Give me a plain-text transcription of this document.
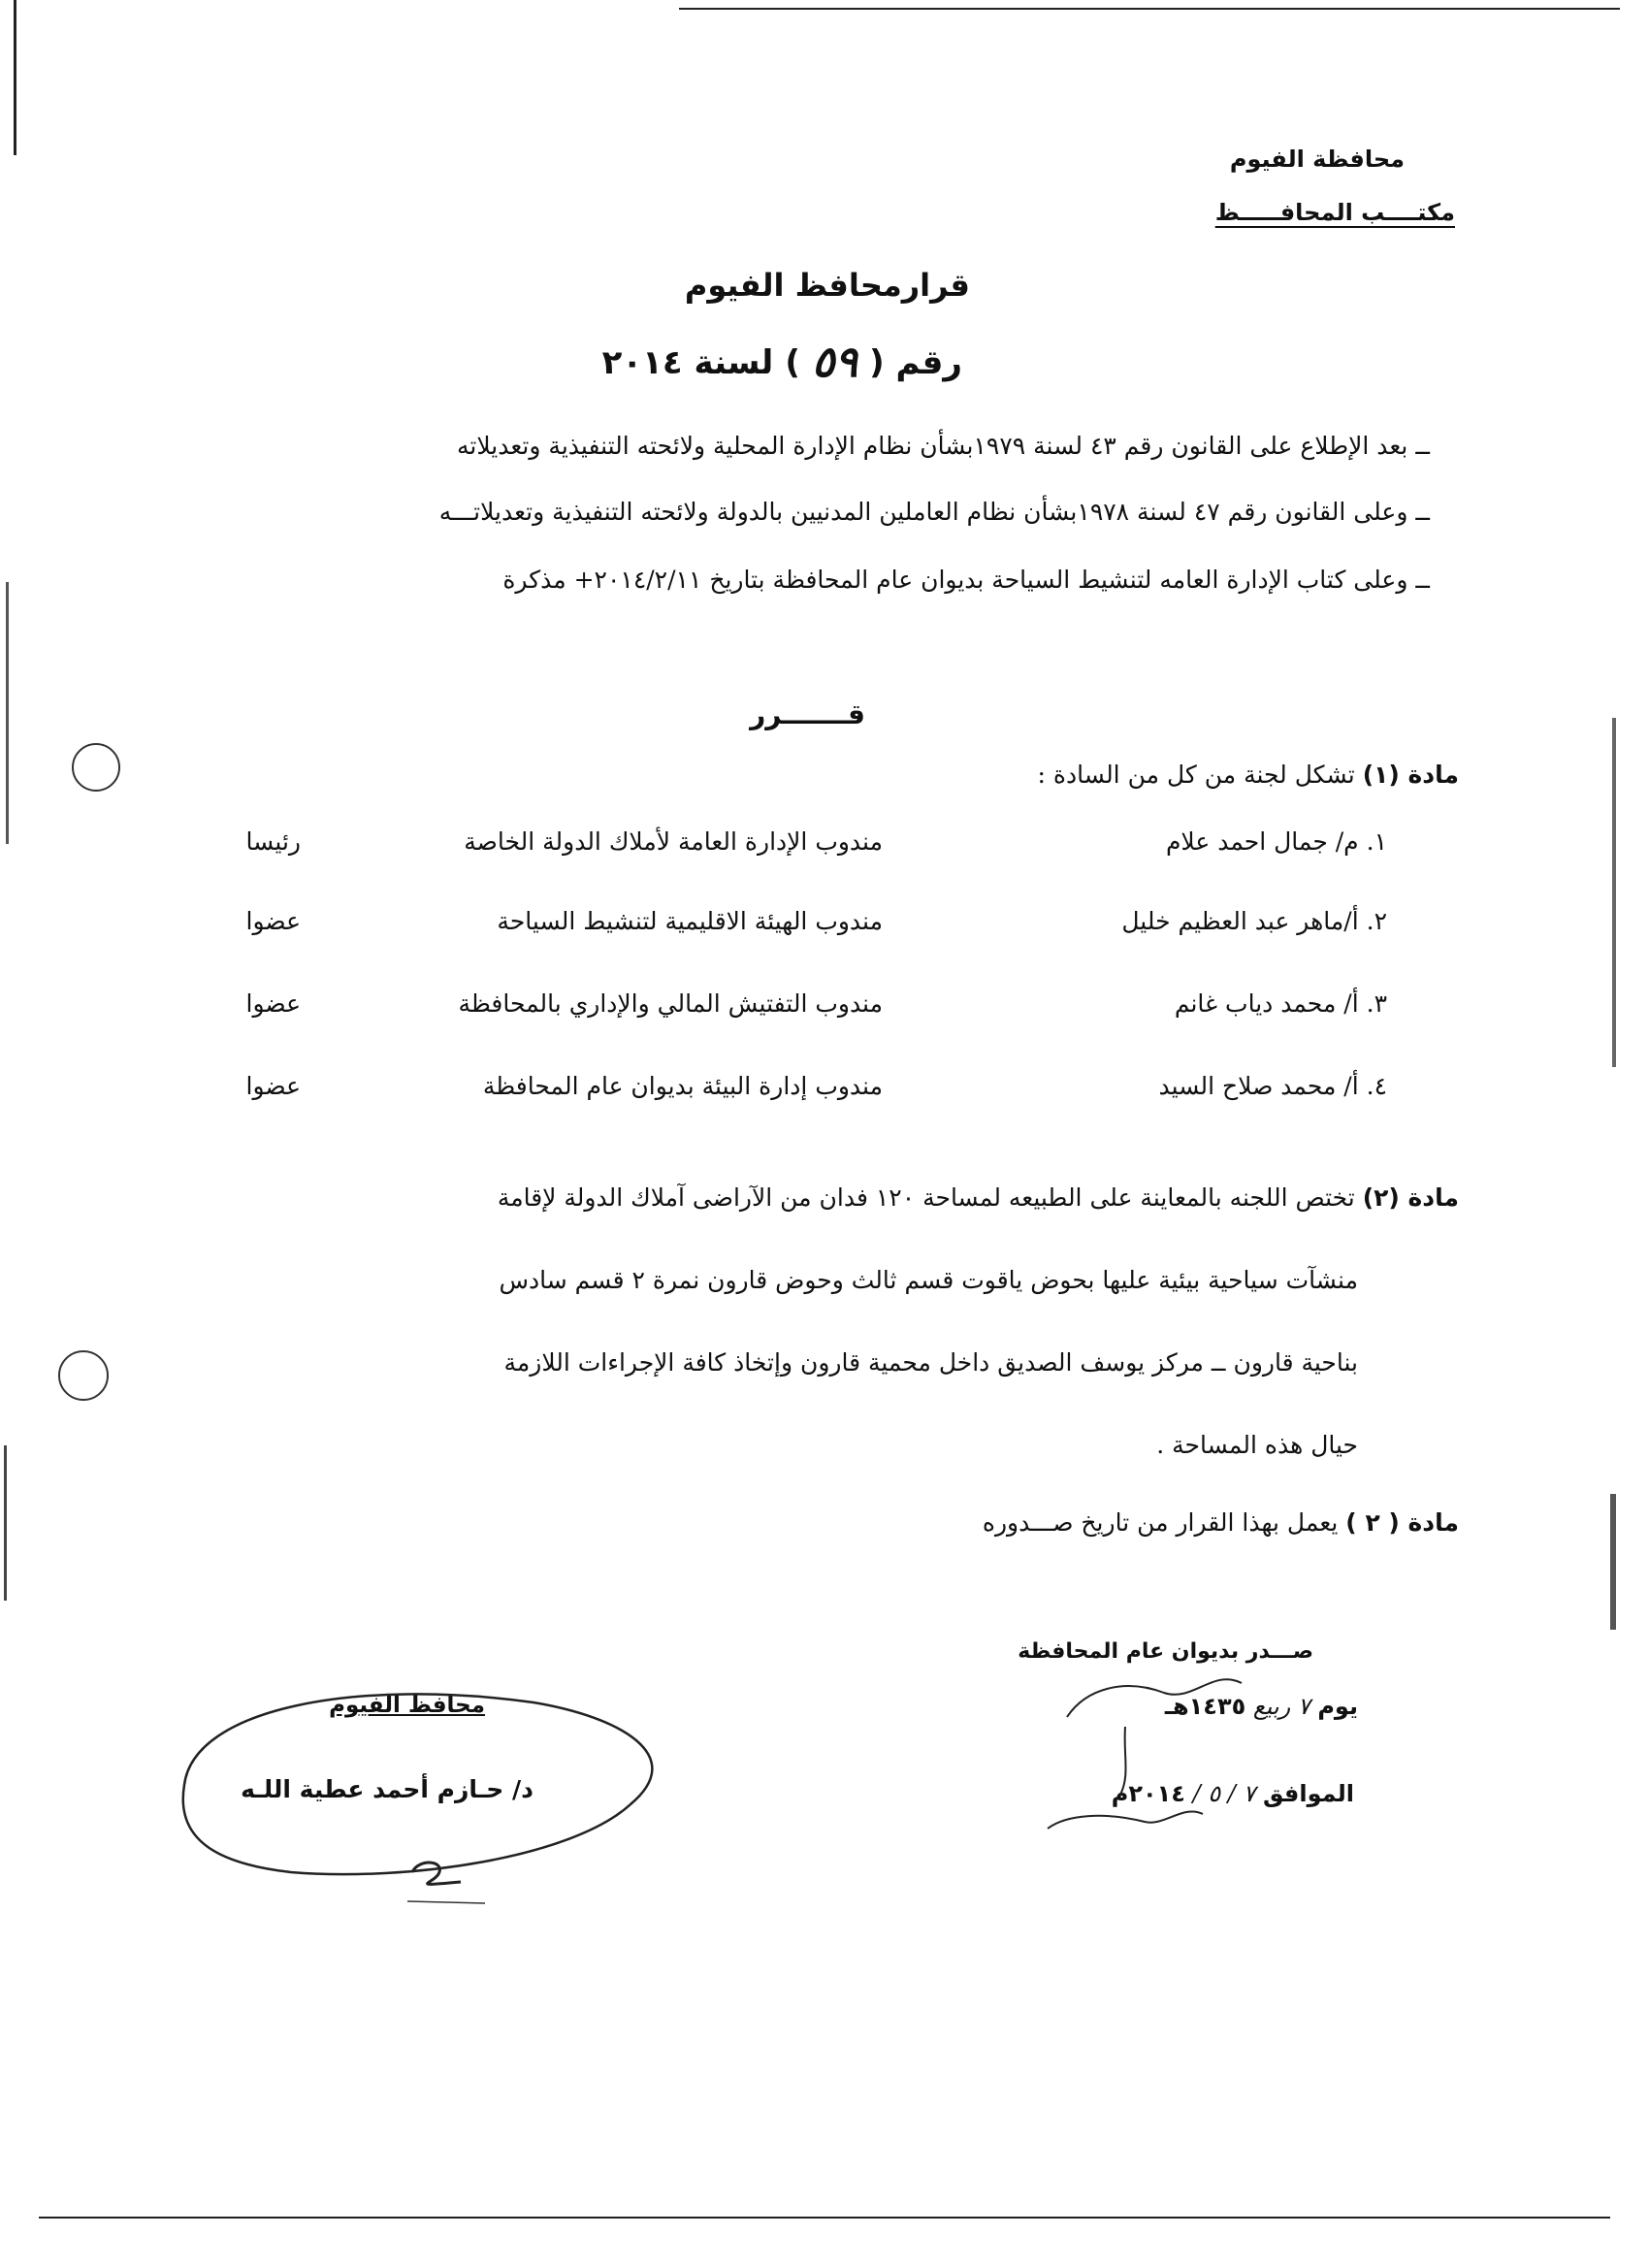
محافظة الفيوم
مكتــــب المحافـــــظ
قرارمحافظ الفيوم
رقم (
٥٩
)
لسنة ٢٠١٤
ــ بعد الإطلاع على القانون رقم ٤٣ لسنة ١٩٧٩بشأن نظام الإدارة المحلية ولائحته التنفيذية وتعديلاته
ــ وعلى القانون رقم ٤٧ لسنة ١٩٧٨بشأن نظام العاملين المدنيين بالدولة ولائحته التنفيذية وتعديلاتـــه
ــ وعلى كتاب الإدارة العامه لتنشيط السياحة بديوان عام المحافظة بتاريخ ٢٠١٤/٢/١١+ مذكرة
قـــــــرر
مادة (١) تشكل لجنة من كل من السادة :
١. م/ جمال احمد علام
مندوب الإدارة العامة لأملاك الدولة الخاصة
رئيسا
٢. أ/ماهر عبد العظيم خليل
مندوب الهيئة الاقليمية لتنشيط السياحة
عضوا
٣. أ/ محمد دياب غانم
مندوب التفتيش المالي والإداري بالمحافظة
عضوا
٤. أ/ محمد صلاح السيد
مندوب إدارة البيئة بديوان عام المحافظة
عضوا
مادة (٢) تختص اللجنه بالمعاينة على الطبيعه لمساحة ١٢٠ فدان من الآراضى آملاك الدولة لإقامة
منشآت سياحية بيئية عليها بحوض ياقوت قسم ثالث وحوض قارون نمرة ٢ قسم سادس
بناحية قارون ــ مركز يوسف الصديق داخل محمية قارون وإتخاذ كافة الإجراءات اللازمة
حيال هذه المساحة .
مادة ( ٢ ) يعمل بهذا القرار من تاريخ صـــدوره
صـــدر بديوان عام المحافظة
يوم ٧ ربيع ١٤٣٥هـ
الموافق ٧ / ٥ / ٢٠١٤م
محافظ الفيوم
د/ حـازم أحمد عطية اللـه
